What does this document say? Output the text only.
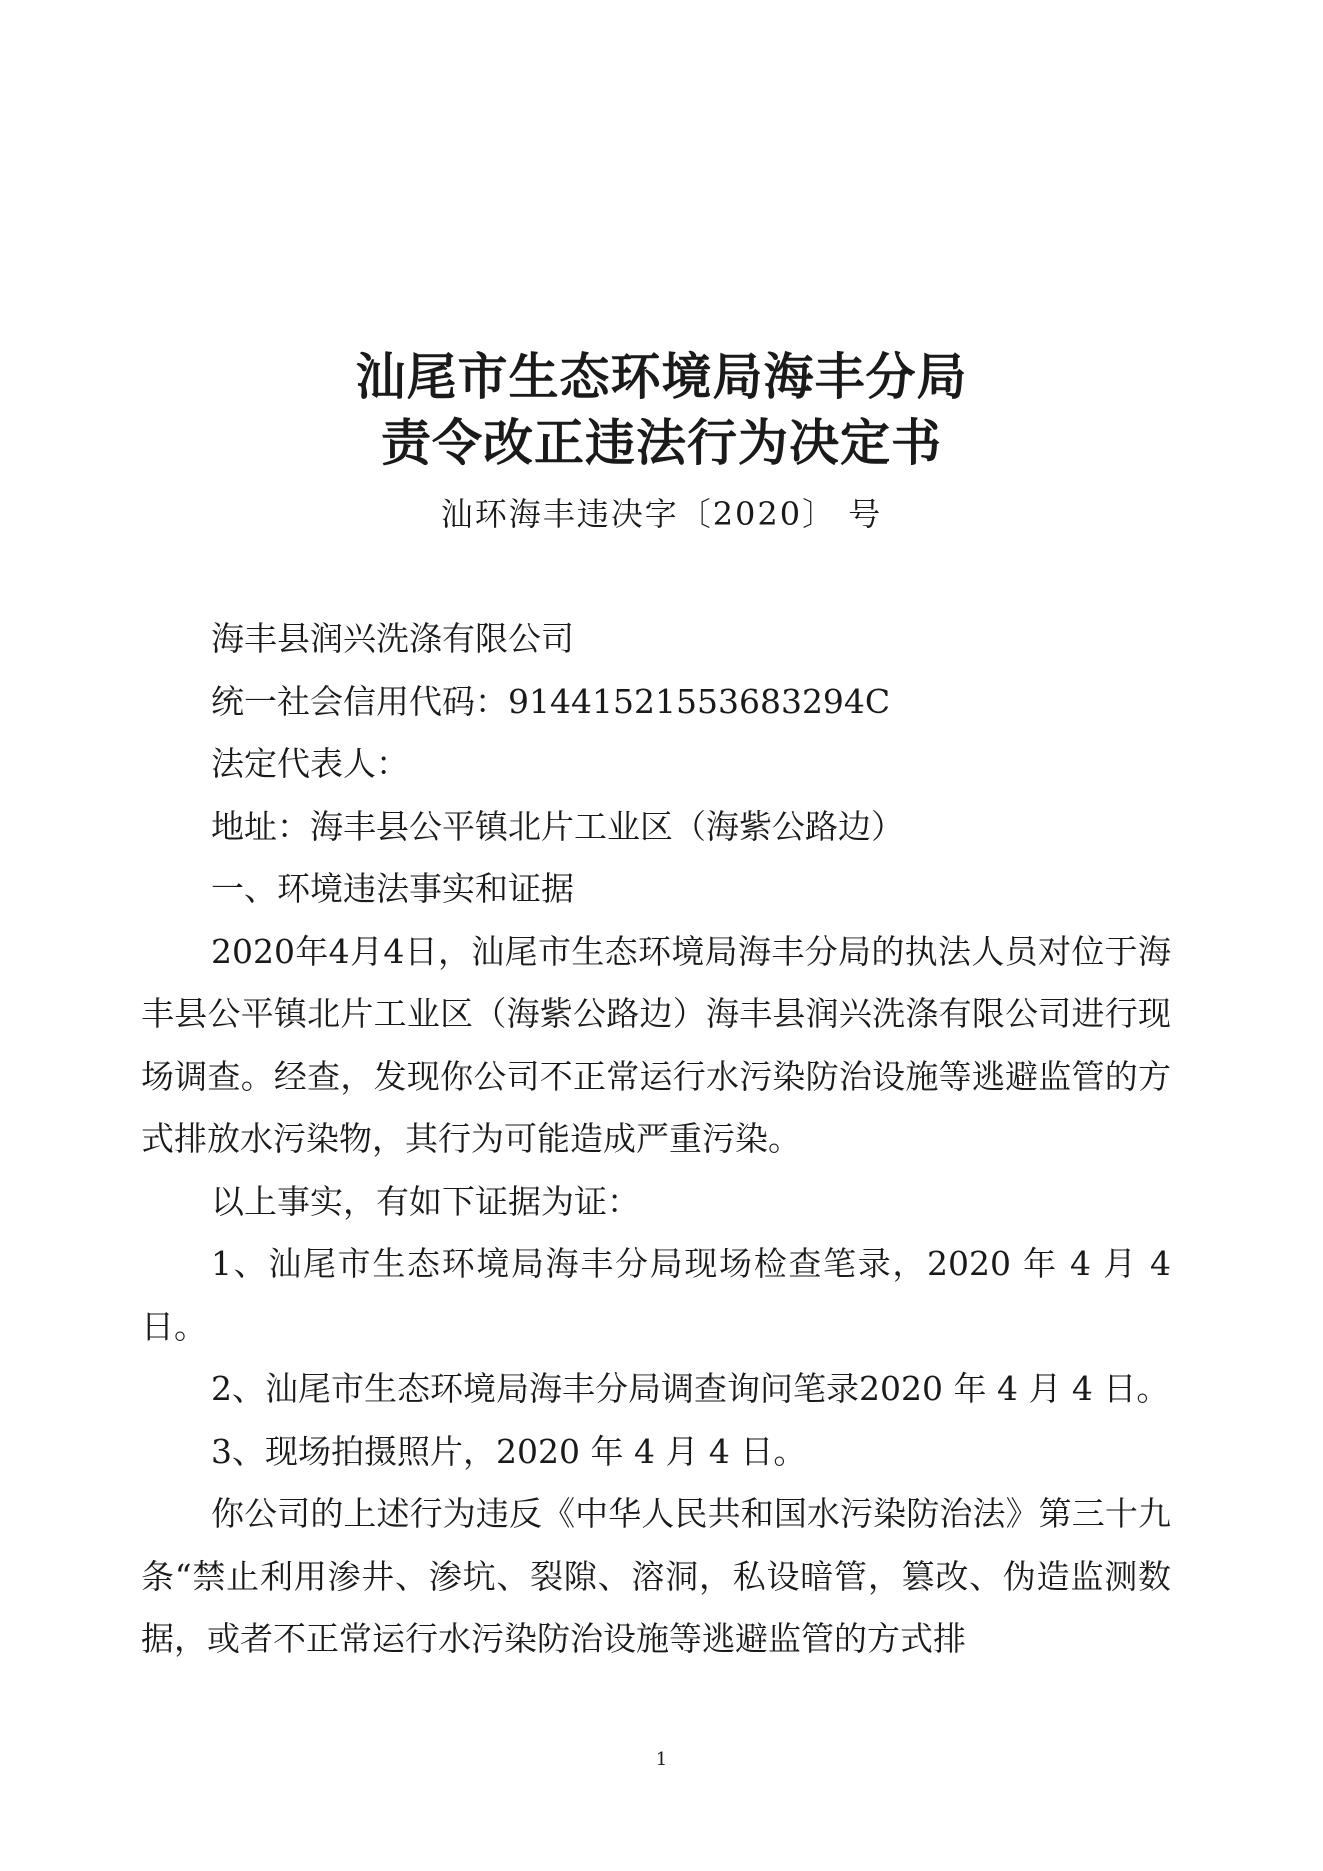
汕尾市生态环境局海丰分局
责令改正违法行为决定书
汕环海丰违决字〔2020〕 号

海丰县润兴洗涤有限公司

统一社会信用代码：91441521553683294C

法定代表人：

地址：海丰县公平镇北片工业区（海紫公路边）

一、环境违法事实和证据

2020年4月4日，汕尾市生态环境局海丰分局的执法人员对位于海丰县公平镇北片工业区（海紫公路边）海丰县润兴洗涤有限公司进行现场调查。经查，发现你公司不正常运行水污染防治设施等逃避监管的方式排放水污染物，其行为可能造成严重污染。

以上事实，有如下证据为证：

1、汕尾市生态环境局海丰分局现场检查笔录，2020 年 4 月 4 日。

2、汕尾市生态环境局海丰分局调查询问笔录2020 年 4 月 4 日。

3、现场拍摄照片，2020 年 4 月 4 日。

你公司的上述行为违反《中华人民共和国水污染防治法》第三十九条“禁止利用渗井、渗坑、裂隙、溶洞，私设暗管，篡改、伪造监测数据，或者不正常运行水污染防治设施等逃避监管的方式排

1
